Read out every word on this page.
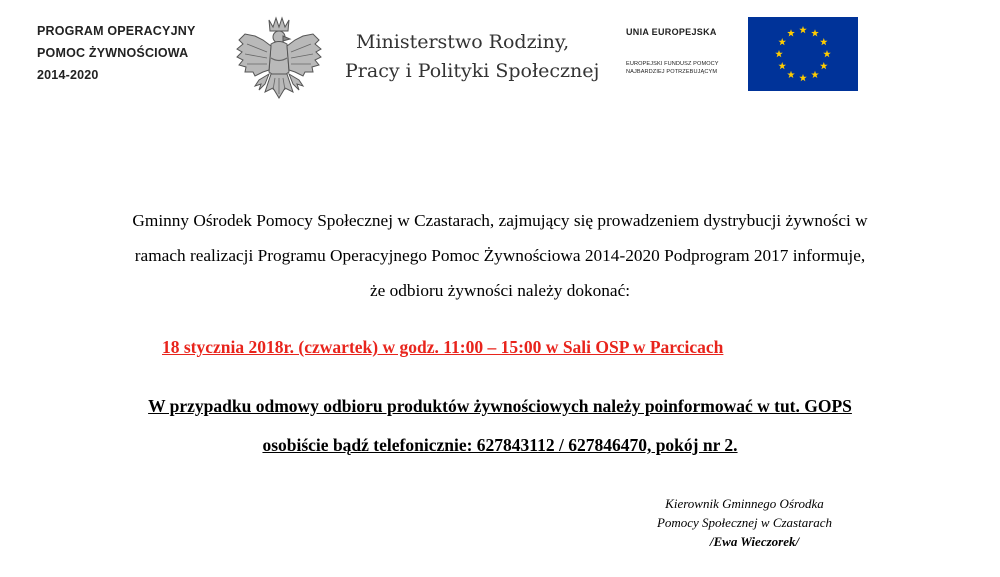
PROGRAM OPERACYJNY
POMOC ŻYWNOŚCIOWA
2014-2020
Ministerstwo Rodziny,
Pracy i Polityki Społecznej
UNIA EUROPEJSKA
EUROPEJSKI FUNDUSZ POMOCY
NAJBARDZIEJ POTRZEBUJĄCYM
Gminny Ośrodek Pomocy Społecznej w Czastarach, zajmujący się prowadzeniem dystrybucji żywności w
ramach realizacji Programu Operacyjnego Pomoc Żywnościowa 2014-2020 Podprogram 2017 informuje,
że odbioru żywności należy dokonać:

18 stycznia 2018r. (czwartek) w godz. 11:00 – 15:00 w Sali OSP w Parcicach

W przypadku odmowy odbioru produktów żywnościowych należy poinformować w tut. GOPS
osobiście bądź telefonicznie: 627843112 / 627846470, pokój nr 2.
Kierownik Gminnego Ośrodka
Pomocy Społecznej w Czastarach
/Ewa Wieczorek/
